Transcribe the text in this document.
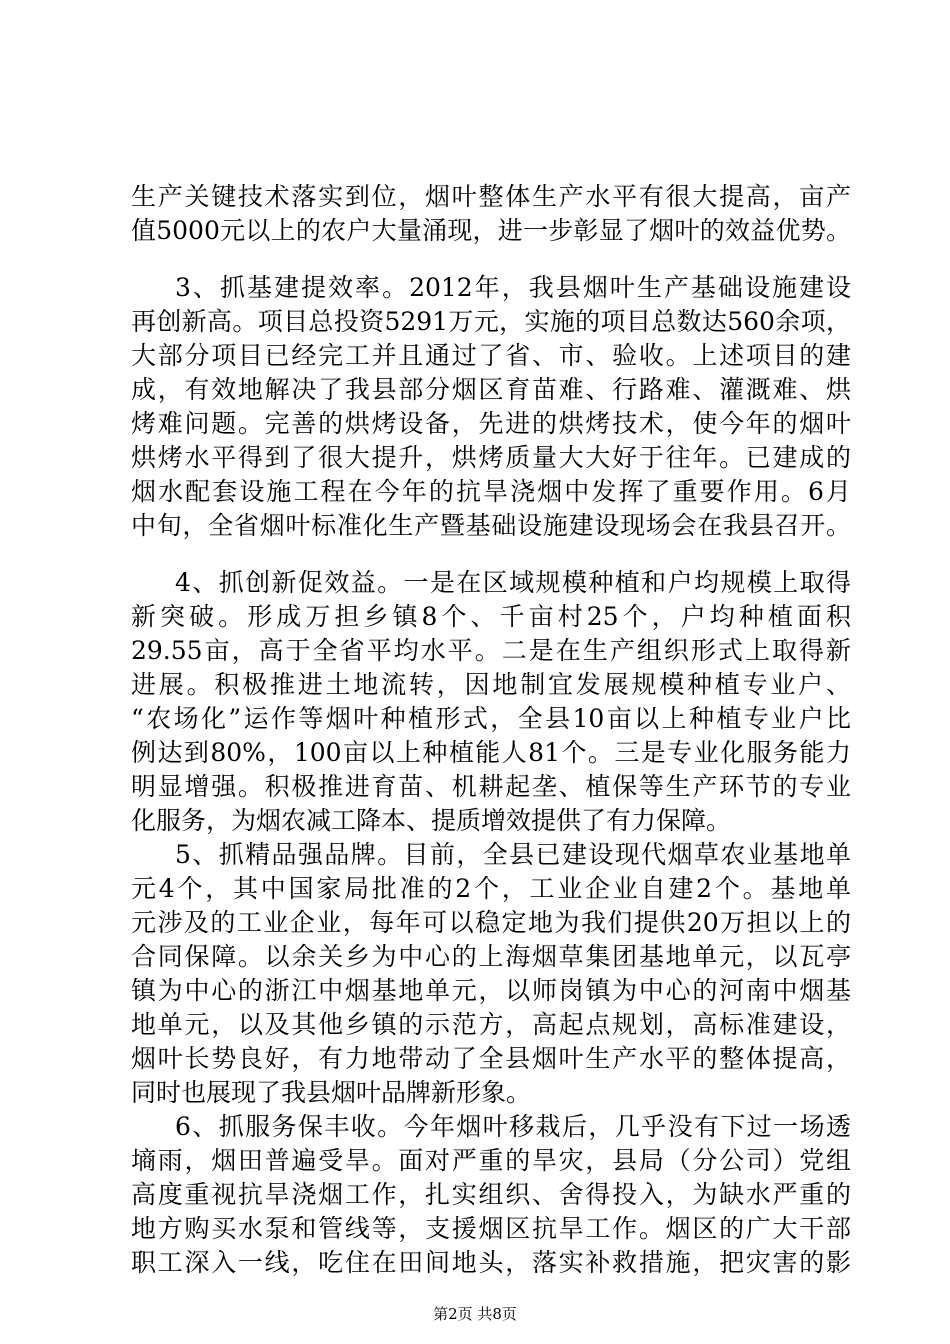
生产关键技术落实到位，烟叶整体生产水平有很大提高，亩产
值5000元以上的农户大量涌现，进一步彰显了烟叶的效益优势。
3、抓基建提效率。2012年，我县烟叶生产基础设施建设
再创新高。项目总投资5291万元，实施的项目总数达560余项，
大部分项目已经完工并且通过了省、市、验收。上述项目的建
成，有效地解决了我县部分烟区育苗难、行路难、灌溉难、烘
烤难问题。完善的烘烤设备，先进的烘烤技术，使今年的烟叶
烘烤水平得到了很大提升，烘烤质量大大好于往年。已建成的
烟水配套设施工程在今年的抗旱浇烟中发挥了重要作用。6月
中旬，全省烟叶标准化生产暨基础设施建设现场会在我县召开。
4、抓创新促效益。一是在区域规模种植和户均规模上取得
新突破。形成万担乡镇8个、千亩村25个，户均种植面积
29.55亩，高于全省平均水平。二是在生产组织形式上取得新
进展。积极推进土地流转，因地制宜发展规模种植专业户、
“农场化”运作等烟叶种植形式，全县10亩以上种植专业户比
例达到80%，100亩以上种植能人81个。三是专业化服务能力
明显增强。积极推进育苗、机耕起垄、植保等生产环节的专业
化服务，为烟农减工降本、提质增效提供了有力保障。
5、抓精品强品牌。目前，全县已建设现代烟草农业基地单
元4个，其中国家局批准的2个，工业企业自建2个。基地单
元涉及的工业企业，每年可以稳定地为我们提供20万担以上的
合同保障。以余关乡为中心的上海烟草集团基地单元，以瓦亭
镇为中心的浙江中烟基地单元，以师岗镇为中心的河南中烟基
地单元，以及其他乡镇的示范方，高起点规划，高标准建设，
烟叶长势良好，有力地带动了全县烟叶生产水平的整体提高，
同时也展现了我县烟叶品牌新形象。
6、抓服务保丰收。今年烟叶移栽后，几乎没有下过一场透
墒雨，烟田普遍受旱。面对严重的旱灾，县局（分公司）党组
高度重视抗旱浇烟工作，扎实组织、舍得投入，为缺水严重的
地方购买水泵和管线等，支援烟区抗旱工作。烟区的广大干部
职工深入一线，吃住在田间地头，落实补救措施，把灾害的影
第2页 共8页
